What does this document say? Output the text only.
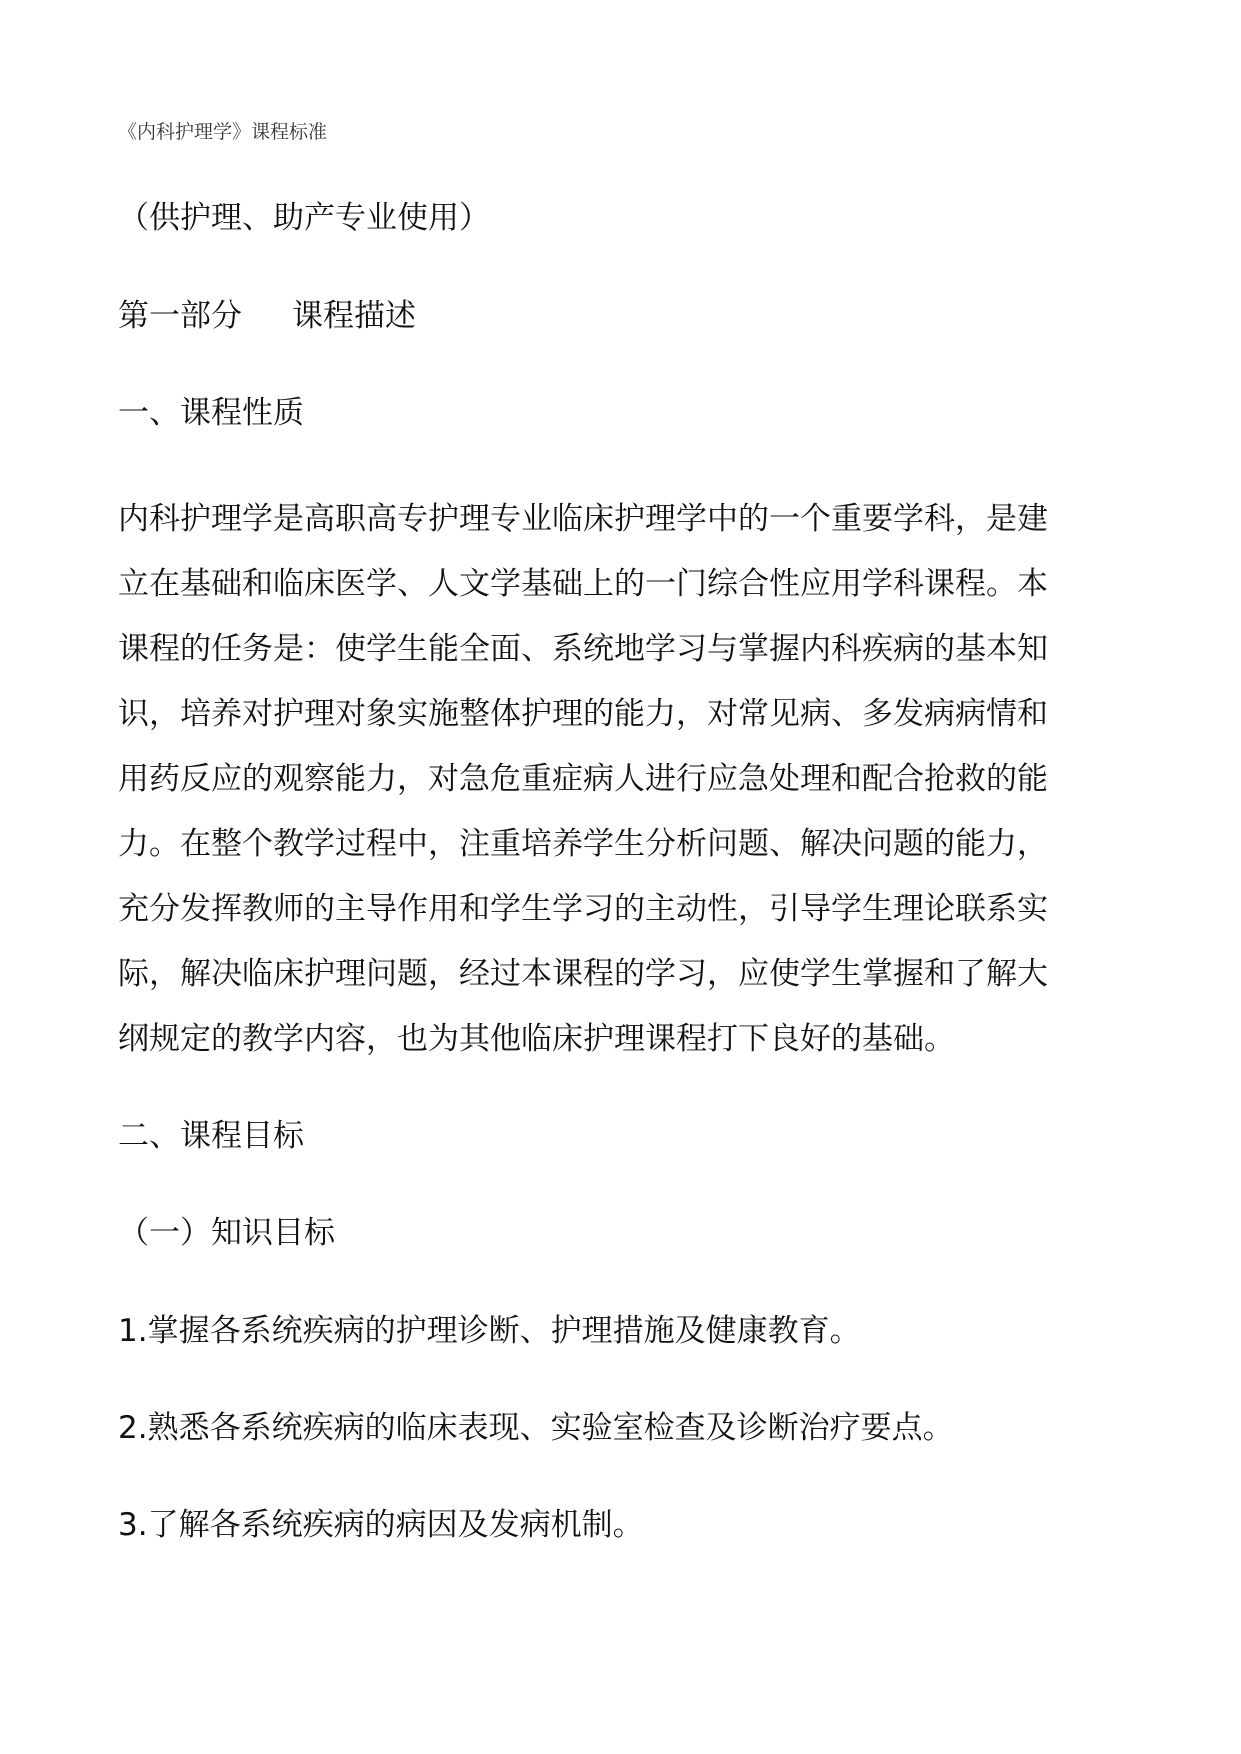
《内科护理学》课程标准

（供护理、助产专业使用）

第一部分 课程描述

一、课程性质

内科护理学是高职高专护理专业临床护理学中的一个重要学科，是建
立在基础和临床医学、人文学基础上的一门综合性应用学科课程。本
课程的任务是：使学生能全面、系统地学习与掌握内科疾病的基本知
识，培养对护理对象实施整体护理的能力，对常见病、多发病病情和
用药反应的观察能力，对急危重症病人进行应急处理和配合抢救的能
力。在整个教学过程中，注重培养学生分析问题、解决问题的能力，
充分发挥教师的主导作用和学生学习的主动性，引导学生理论联系实
际，解决临床护理问题，经过本课程的学习，应使学生掌握和了解大
纲规定的教学内容，也为其他临床护理课程打下良好的基础。

二、课程目标

（一）知识目标

1.掌握各系统疾病的护理诊断、护理措施及健康教育。

2.熟悉各系统疾病的临床表现、实验室检查及诊断治疗要点。

3.了解各系统疾病的病因及发病机制。
